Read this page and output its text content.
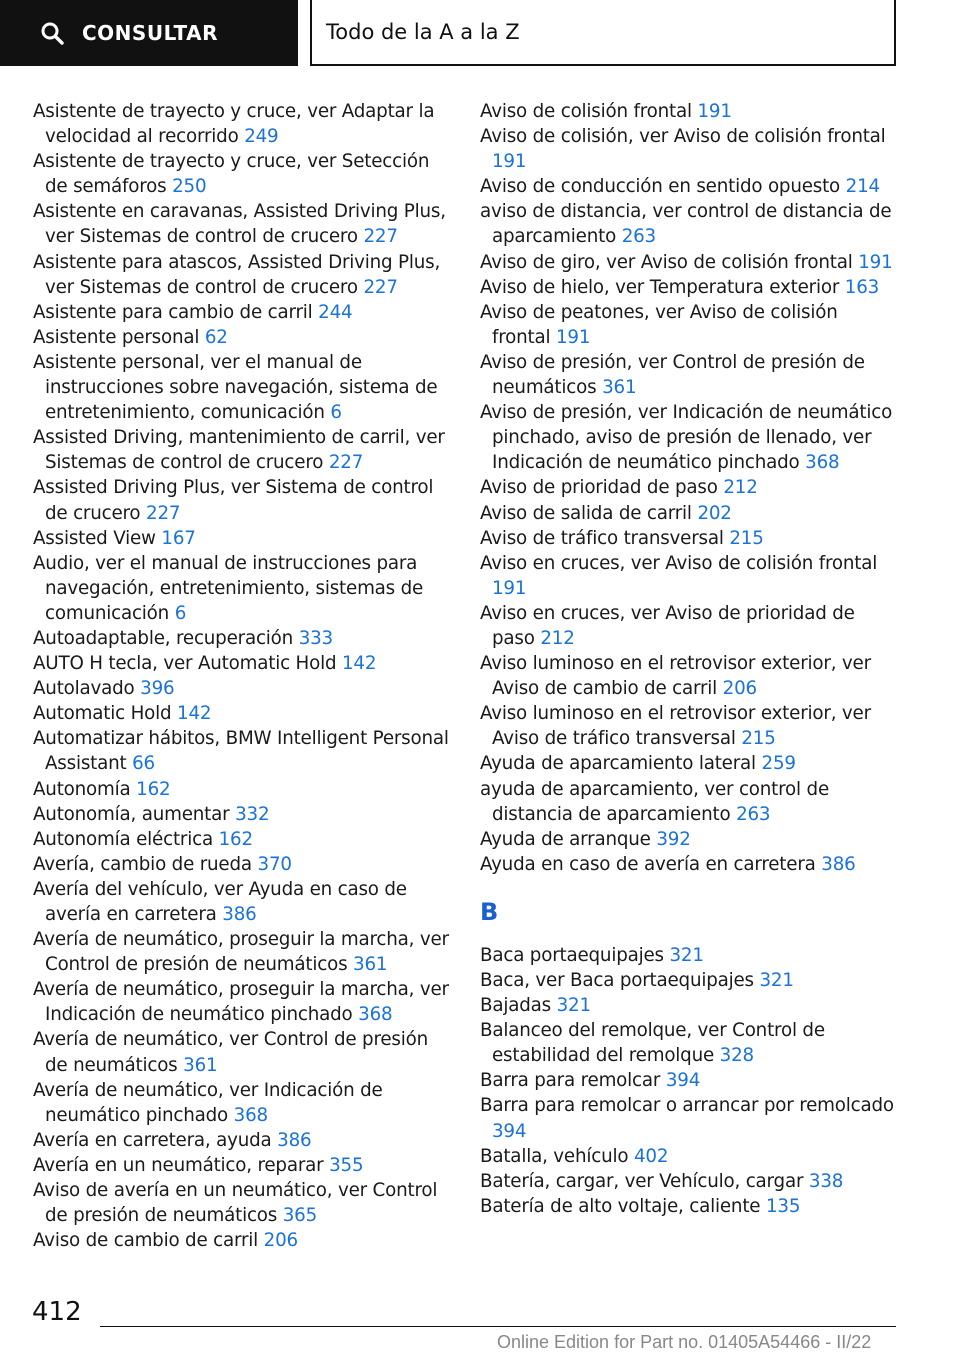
CONSULTAR	Todo de la A a la Z
Asistente de trayecto y cruce, ver Adaptar la velocidad al recorrido 249
Asistente de trayecto y cruce, ver Setección de semáforos 250
Asistente en caravanas, Assisted Driving Plus, ver Sistemas de control de crucero 227
Asistente para atascos, Assisted Driving Plus, ver Sistemas de control de crucero 227
Asistente para cambio de carril 244
Asistente personal 62
Asistente personal, ver el manual de instrucciones sobre navegación, sistema de entretenimiento, comunicación 6
Assisted Driving, mantenimiento de carril, ver Sistemas de control de crucero 227
Assisted Driving Plus, ver Sistema de control de crucero 227
Assisted View 167
Audio, ver el manual de instrucciones para navegación, entretenimiento, sistemas de comunicación 6
Autoadaptable, recuperación 333
AUTO H tecla, ver Automatic Hold 142
Autolavado 396
Automatic Hold 142
Automatizar hábitos, BMW Intelligent Personal Assistant 66
Autonomía 162
Autonomía, aumentar 332
Autonomía eléctrica 162
Avería, cambio de rueda 370
Avería del vehículo, ver Ayuda en caso de avería en carretera 386
Avería de neumático, proseguir la marcha, ver Control de presión de neumáticos 361
Avería de neumático, proseguir la marcha, ver Indicación de neumático pinchado 368
Avería de neumático, ver Control de presión de neumáticos 361
Avería de neumático, ver Indicación de neumático pinchado 368
Avería en carretera, ayuda 386
Avería en un neumático, reparar 355
Aviso de avería en un neumático, ver Control de presión de neumáticos 365
Aviso de cambio de carril 206
Aviso de colisión frontal 191
Aviso de colisión, ver Aviso de colisión frontal 191
Aviso de conducción en sentido opuesto 214
aviso de distancia, ver control de distancia de aparcamiento 263
Aviso de giro, ver Aviso de colisión frontal 191
Aviso de hielo, ver Temperatura exterior 163
Aviso de peatones, ver Aviso de colisión frontal 191
Aviso de presión, ver Control de presión de neumáticos 361
Aviso de presión, ver Indicación de neumático pinchado, aviso de presión de llenado, ver Indicación de neumático pinchado 368
Aviso de prioridad de paso 212
Aviso de salida de carril 202
Aviso de tráfico transversal 215
Aviso en cruces, ver Aviso de colisión frontal 191
Aviso en cruces, ver Aviso de prioridad de paso 212
Aviso luminoso en el retrovisor exterior, ver Aviso de cambio de carril 206
Aviso luminoso en el retrovisor exterior, ver Aviso de tráfico transversal 215
Ayuda de aparcamiento lateral 259
ayuda de aparcamiento, ver control de distancia de aparcamiento 263
Ayuda de arranque 392
Ayuda en caso de avería en carretera 386
B
Baca portaequipajes 321
Baca, ver Baca portaequipajes 321
Bajadas 321
Balanceo del remolque, ver Control de estabilidad del remolque 328
Barra para remolcar 394
Barra para remolcar o arrancar por remolcado 394
Batalla, vehículo 402
Batería, cargar, ver Vehículo, cargar 338
Batería de alto voltaje, caliente 135
412
Online Edition for Part no. 01405A54466 - II/22
